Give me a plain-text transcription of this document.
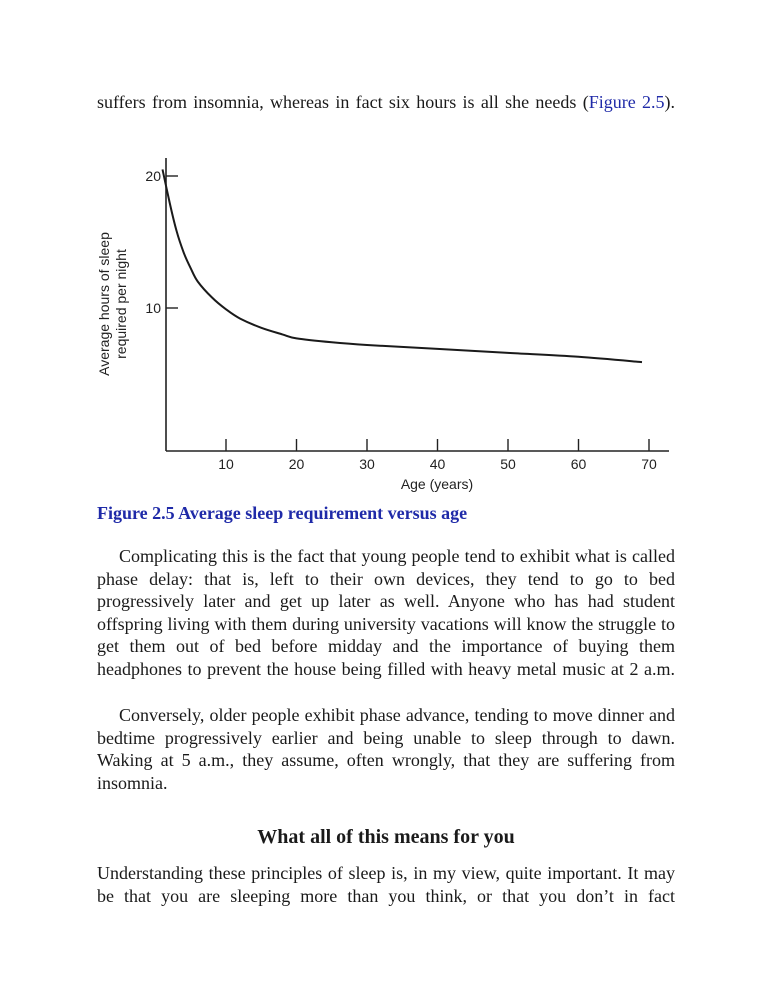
suffers from insomnia, whereas in fact six hours is all she needs (Figure 2.5).

10	20	30	40	50	60	70
10
20
Age (years)
Average hours of sleeprequired per night
Figure 2.5 Average sleep requirement versus age

Complicating this is the fact that young people tend to exhibit what is called phase delay: that is, left to their own devices, they tend to go to bed progressively later and get up later as well. Anyone who has had student offspring living with them during university vacations will know the struggle to get them out of bed before midday and the importance of buying them headphones to prevent the house being filled with heavy metal music at 2 a.m.

Conversely, older people exhibit phase advance, tending to move dinner and bedtime progressively earlier and being unable to sleep through to dawn. Waking at 5 a.m., they assume, often wrongly, that they are suffering from insomnia.

What all of this means for you

Understanding these principles of sleep is, in my view, quite important. It may be that you are sleeping more than you think, or that you don’t in fact
